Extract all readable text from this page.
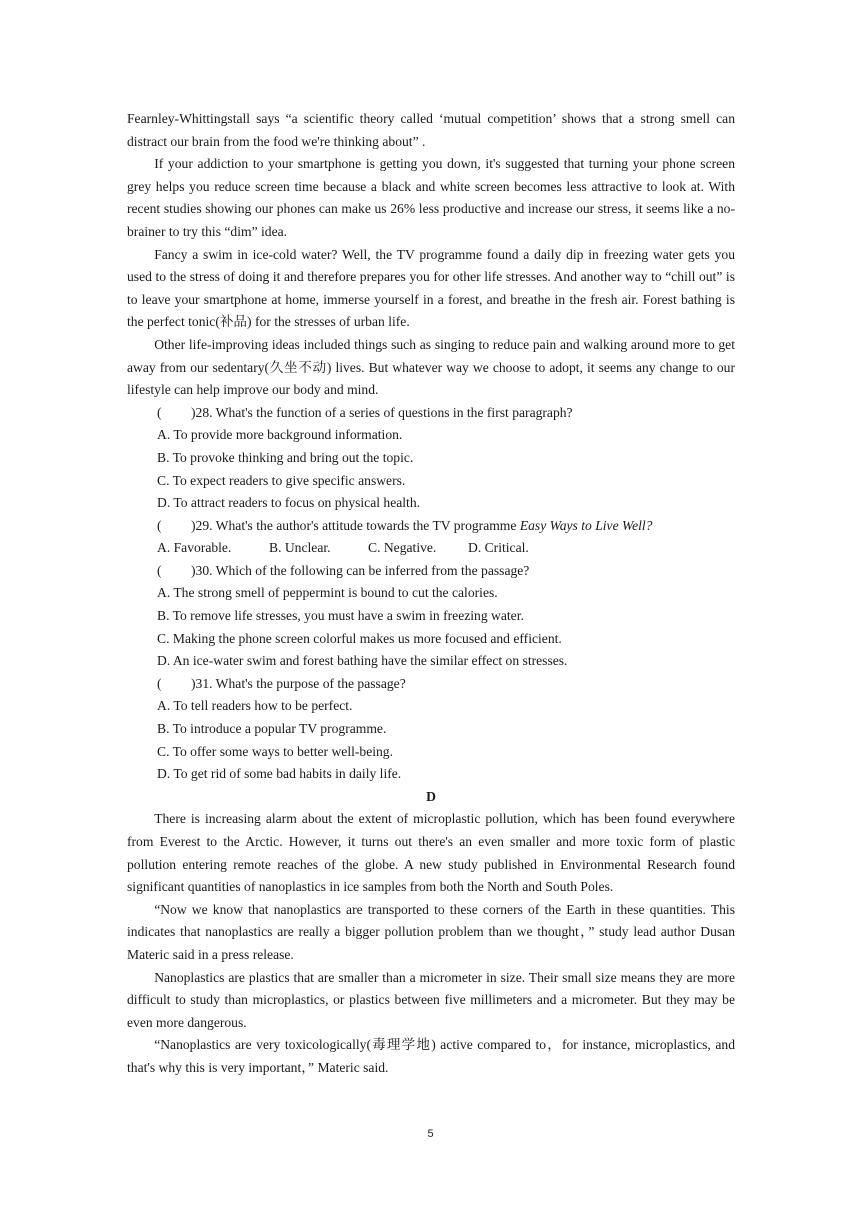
Fearnley-Whittingstall says “a scientific theory called ‘mutual competition’ shows that a strong smell can distract our brain from the food we're thinking about” .

If your addiction to your smartphone is getting you down, it's suggested that turning your phone screen grey helps you reduce screen time because a black and white screen becomes less attractive to look at. With recent studies showing our phones can make us 26% less productive and increase our stress, it seems like a no-brainer to try this “dim” idea.

Fancy a swim in ice-cold water? Well, the TV programme found a daily dip in freezing water gets you used to the stress of doing it and therefore prepares you for other life stresses. And another way to “chill out” is to leave your smartphone at home, immerse yourself in a forest, and breathe in the fresh air. Forest bathing is the perfect tonic(补品) for the stresses of urban life.

Other life-improving ideas included things such as singing to reduce pain and walking around more to get away from our sedentary(久坐不动) lives. But whatever way we choose to adopt, it seems any change to our lifestyle can help improve our body and mind.

( )28. What's the function of a series of questions in the first paragraph?

A. To provide more background information.

B. To provoke thinking and bring out the topic.

C. To expect readers to give specific answers.

D. To attract readers to focus on physical health.

( )29. What's the author's attitude towards the TV programme Easy Ways to Live Well?

A. Favorable.	B. Unclear.	C. Negative.	D. Critical.

( )30. Which of the following can be inferred from the passage?

A. The strong smell of peppermint is bound to cut the calories.

B. To remove life stresses, you must have a swim in freezing water.

C. Making the phone screen colorful makes us more focused and efficient.

D. An ice-water swim and forest bathing have the similar effect on stresses.

( )31. What's the purpose of the passage?

A. To tell readers how to be perfect.

B. To introduce a popular TV programme.

C. To offer some ways to better well-being.

D. To get rid of some bad habits in daily life.

D

There is increasing alarm about the extent of microplastic pollution, which has been found everywhere from Everest to the Arctic. However, it turns out there's an even smaller and more toxic form of plastic pollution entering remote reaches of the globe. A new study published in Environmental Research found significant quantities of nanoplastics in ice samples from both the North and South Poles.

“Now we know that nanoplastics are transported to these corners of the Earth in these quantities. This indicates that nanoplastics are really a bigger pollution problem than we thought，” study lead author Dusan Materic said in a press release.

Nanoplastics are plastics that are smaller than a micrometer in size. Their small size means they are more difficult to study than microplastics, or plastics between five millimeters and a micrometer. But they may be even more dangerous.

“Nanoplastics are very toxicologically(毒理学地) active compared to，for instance, microplastics, and that's why this is very important，” Materic said.

5
